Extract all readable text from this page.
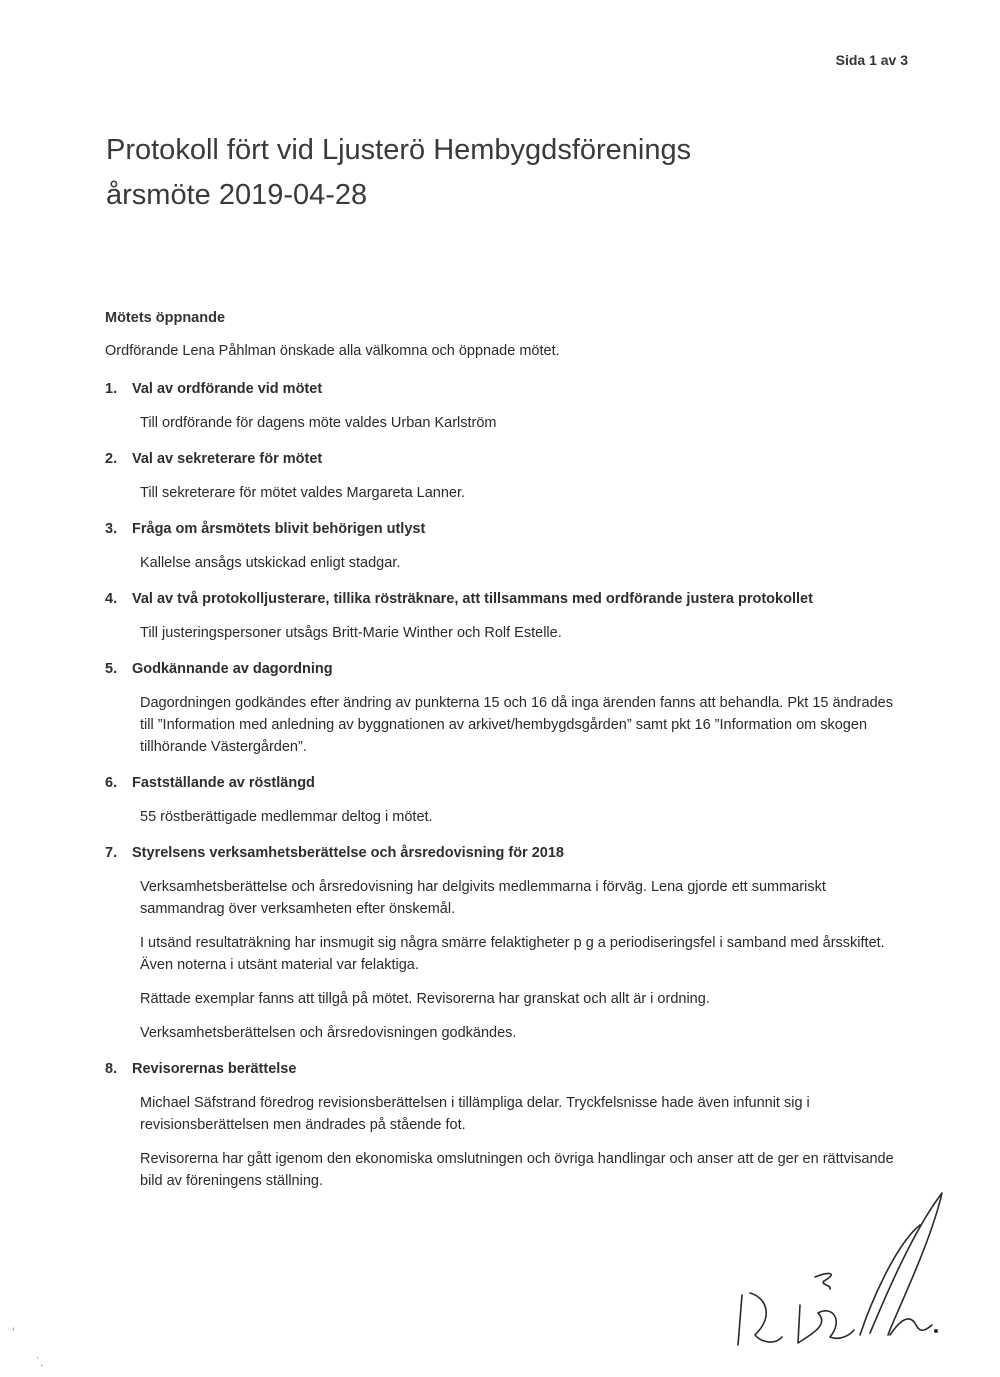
Sida 1 av 3
Protokoll fört vid Ljusterö Hembygdsförenings
årsmöte 2019-04-28
Mötets öppnande
Ordförande Lena Påhlman önskade alla välkomna och öppnade mötet.
1.	Val av ordförande vid mötet

Till ordförande för dagens möte valdes Urban Karlström

2.	Val av sekreterare för mötet

Till sekreterare för mötet valdes Margareta Lanner.

3.	Fråga om årsmötets blivit behörigen utlyst

Kallelse ansågs utskickad enligt stadgar.

4.	Val av två protokolljusterare, tillika rösträknare, att tillsammans med ordförande justera protokollet

Till justeringspersoner utsågs Britt-Marie Winther och Rolf Estelle.

5.	Godkännande av dagordning

Dagordningen godkändes efter ändring av punkterna 15 och 16 då inga ärenden fanns att behandla. Pkt 15 ändrades till ”Information med anledning av byggnationen av arkivet/hembygdsgården” samt pkt 16 ”Information om skogen tillhörande Västergården”.

6.	Fastställande av röstlängd

55 röstberättigade medlemmar deltog i mötet.

7.	Styrelsens verksamhetsberättelse och årsredovisning för 2018

Verksamhetsberättelse och årsredovisning har delgivits medlemmarna i förväg. Lena gjorde ett summariskt sammandrag över verksamheten efter önskemål.

I utsänd resultaträkning har insmugit sig några smärre felaktigheter p g a periodiseringsfel i samband med årsskiftet. Även noterna i utsänt material var felaktiga.

Rättade exemplar fanns att tillgå på mötet. Revisorerna har granskat och allt är i ordning.

Verksamhetsberättelsen och årsredovisningen godkändes.

8.	Revisorernas berättelse

Michael Säfstrand föredrog revisionsberättelsen i tillämpliga delar. Tryckfelsnisse hade även infunnit sig i revisionsberättelsen men ändrades på stående fot.

Revisorerna har gått igenom den ekonomiska omslutningen och övriga handlingar och anser att de ger en rättvisande bild av föreningens ställning.

‘
˙.
